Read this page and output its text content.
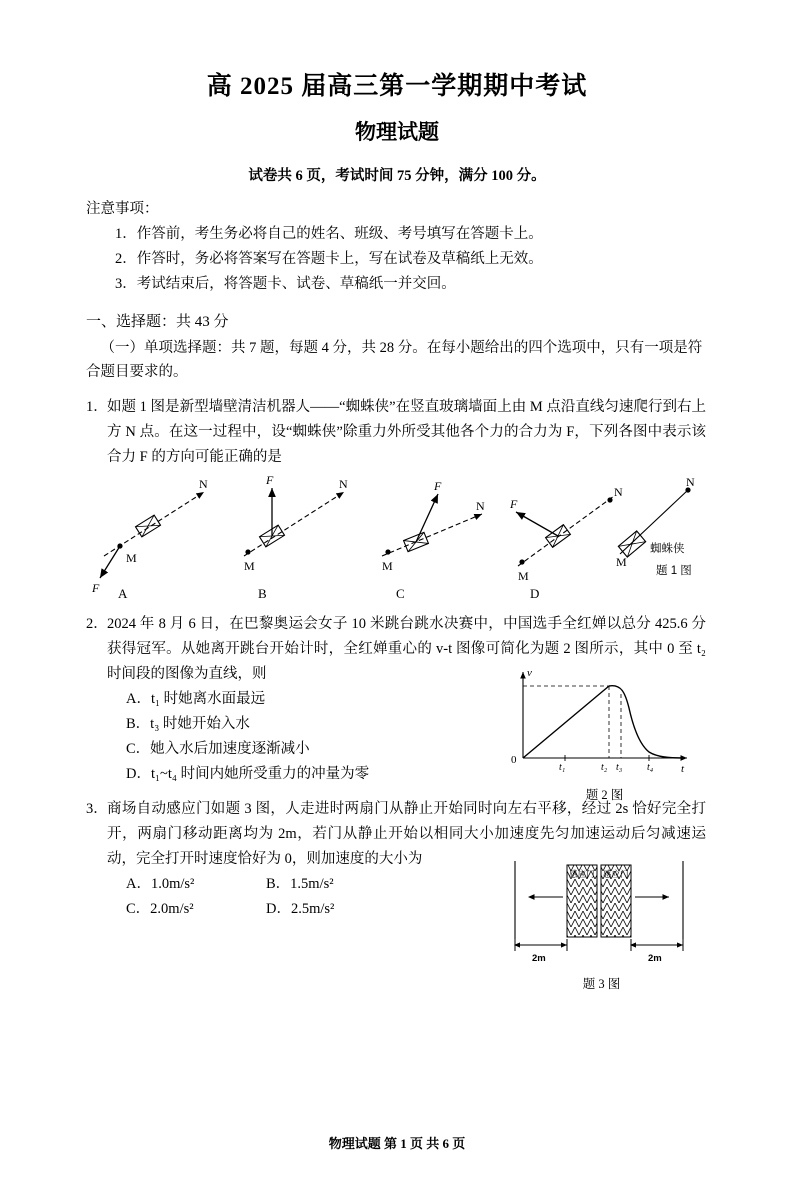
高 2025 届高三第一学期期中考试
物理试题
试卷共 6 页，考试时间 75 分钟，满分 100 分。
注意事项：
1．作答前，考生务必将自己的姓名、班级、考号填写在答题卡上。
2．作答时，务必将答案写在答题卡上，写在试卷及草稿纸上无效。
3．考试结束后，将答题卡、试卷、草稿纸一并交回。
一、选择题：共 43 分
（一）单项选择题：共 7 题，每题 4 分，共 28 分。在每小题给出的四个选项中，只有一项是符合题目要求的。
1． 如题 1 图是新型墙壁清洁机器人——“蜘蛛侠”在竖直玻璃墙面上由 M 点沿直线匀速爬行到右上方 N 点。在这一过程中，设“蜘蛛侠”除重力外所受其他各个力的合力为 F，下列各图中表示该合力 F 的方向可能正确的是
N
M
F A
N
M
F
B
N
M
F
C
N
M
F
D
N
M
蜘蛛侠
题 1 图
2． 2024 年 8 月 6 日，在巴黎奥运会女子 10 米跳台跳水决赛中，中国选手全红婵以总分 425.6 分获得冠军。从她离开跳台开始计时，全红婵重心的 v-t 图像可简化为题 2 图所示，其中 0 至 t₂ 时间段的图像为直线，则
A．t₁ 时她离水面最远
B．t₃ 时她开始入水
C．她入水后加速度逐渐减小
D．t₁~t₄ 时间内她所受重力的冲量为零
v
t
0
t₁	t₂ t₃ t₄
题 2 图
3． 商场自动感应门如题 3 图，人走进时两扇门从静止开始同时向左右平移，经过 2s 恰好完全打开，两扇门移动距离均为 2m，若门从静止开始以相同大小加速度先匀加速运动后匀减速运动，完全打开时速度恰好为 0，则加速度的大小为
A．1.0m/s²	B．1.5m/s²
C．2.0m/s²	D．2.5m/s²
感应门 感应门
2m	2m
题 3 图
物理试题 第 1 页 共 6 页
